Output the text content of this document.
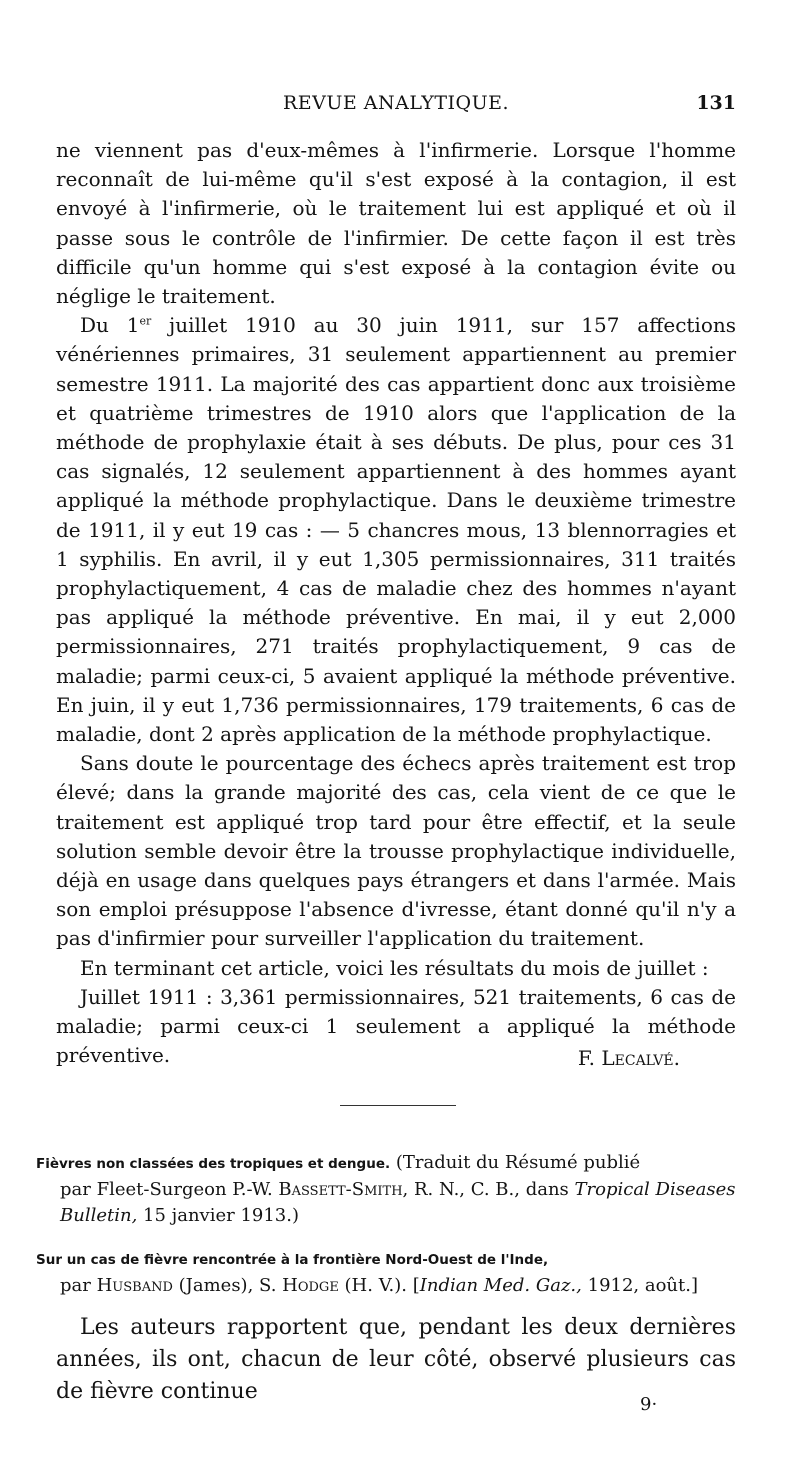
REVUE ANALYTIQUE.	131

ne viennent pas d'eux-mêmes à l'infirmerie. Lorsque l'homme reconnaît de lui-même qu'il s'est exposé à la contagion, il est envoyé à l'infirmerie, où le traitement lui est appliqué et où il passe sous le contrôle de l'infirmier. De cette façon il est très difficile qu'un homme qui s'est exposé à la contagion évite ou néglige le traitement.

Du 1er juillet 1910 au 30 juin 1911, sur 157 affections vénériennes primaires, 31 seulement appartiennent au premier semestre 1911. La majorité des cas appartient donc aux troisième et quatrième trimestres de 1910 alors que l'application de la méthode de prophylaxie était à ses débuts. De plus, pour ces 31 cas signalés, 12 seulement appartiennent à des hommes ayant appliqué la méthode prophylactique. Dans le deuxième trimestre de 1911, il y eut 19 cas : — 5 chancres mous, 13 blennorragies et 1 syphilis. En avril, il y eut 1,305 permissionnaires, 311 traités prophylactiquement, 4 cas de maladie chez des hommes n'ayant pas appliqué la méthode préventive. En mai, il y eut 2,000 permissionnaires, 271 traités prophylactiquement, 9 cas de maladie; parmi ceux-ci, 5 avaient appliqué la méthode préventive. En juin, il y eut 1,736 permissionnaires, 179 traitements, 6 cas de maladie, dont 2 après application de la méthode prophylactique.

Sans doute le pourcentage des échecs après traitement est trop élevé; dans la grande majorité des cas, cela vient de ce que le traitement est appliqué trop tard pour être effectif, et la seule solution semble devoir être la trousse prophylactique individuelle, déjà en usage dans quelques pays étrangers et dans l'armée. Mais son emploi présuppose l'absence d'ivresse, étant donné qu'il n'y a pas d'infirmier pour surveiller l'application du traitement.

En terminant cet article, voici les résultats du mois de juillet :

Juillet 1911 : 3,361 permissionnaires, 521 traitements, 6 cas de maladie; parmi ceux-ci 1 seulement a appliqué la méthode préventive.	F. Lecalvé.
Fièvres non classées des tropiques et dengue. (Traduit du Résumé publié
par Fleet-Surgeon P.-W. Bassett-Smith, R. N., C. B., dans Tropical Diseases Bulletin, 15 janvier 1913.)
Sur un cas de fièvre rencontrée à la frontière Nord-Ouest de l'Inde,
par Husband (James), S. Hodge (H. V.). [Indian Med. Gaz., 1912, août.]

Les auteurs rapportent que, pendant les deux dernières années, ils ont, chacun de leur côté, observé plusieurs cas de fièvre continue

9·
